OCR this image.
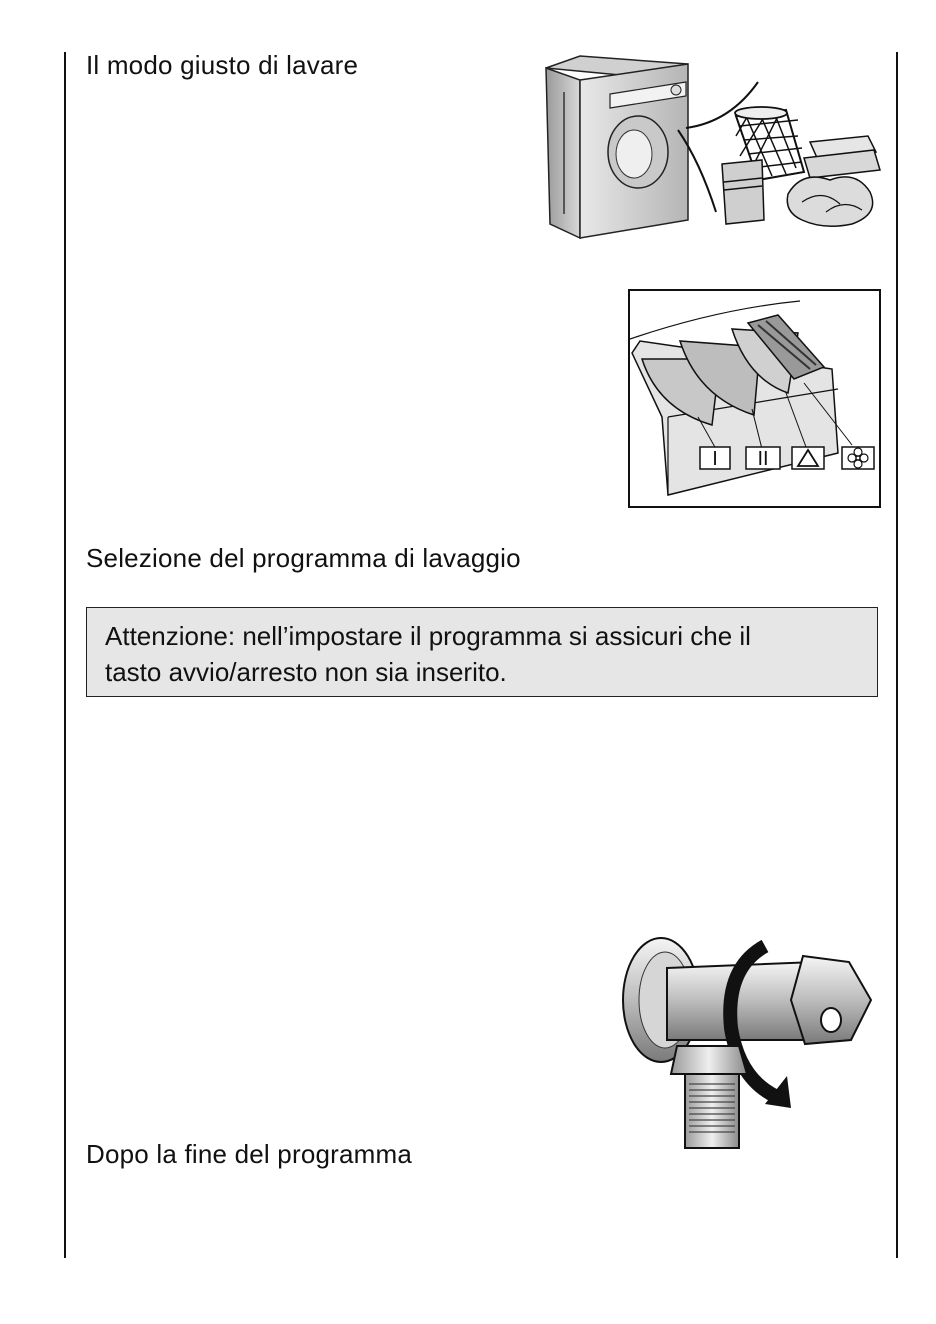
Il modo giusto di lavare
I II
Selezione del programma di lavaggio
Attenzione: nell’impostare il programma si assicuri che il
tasto avvio/arresto non sia inserito.
Dopo la fine del programma
